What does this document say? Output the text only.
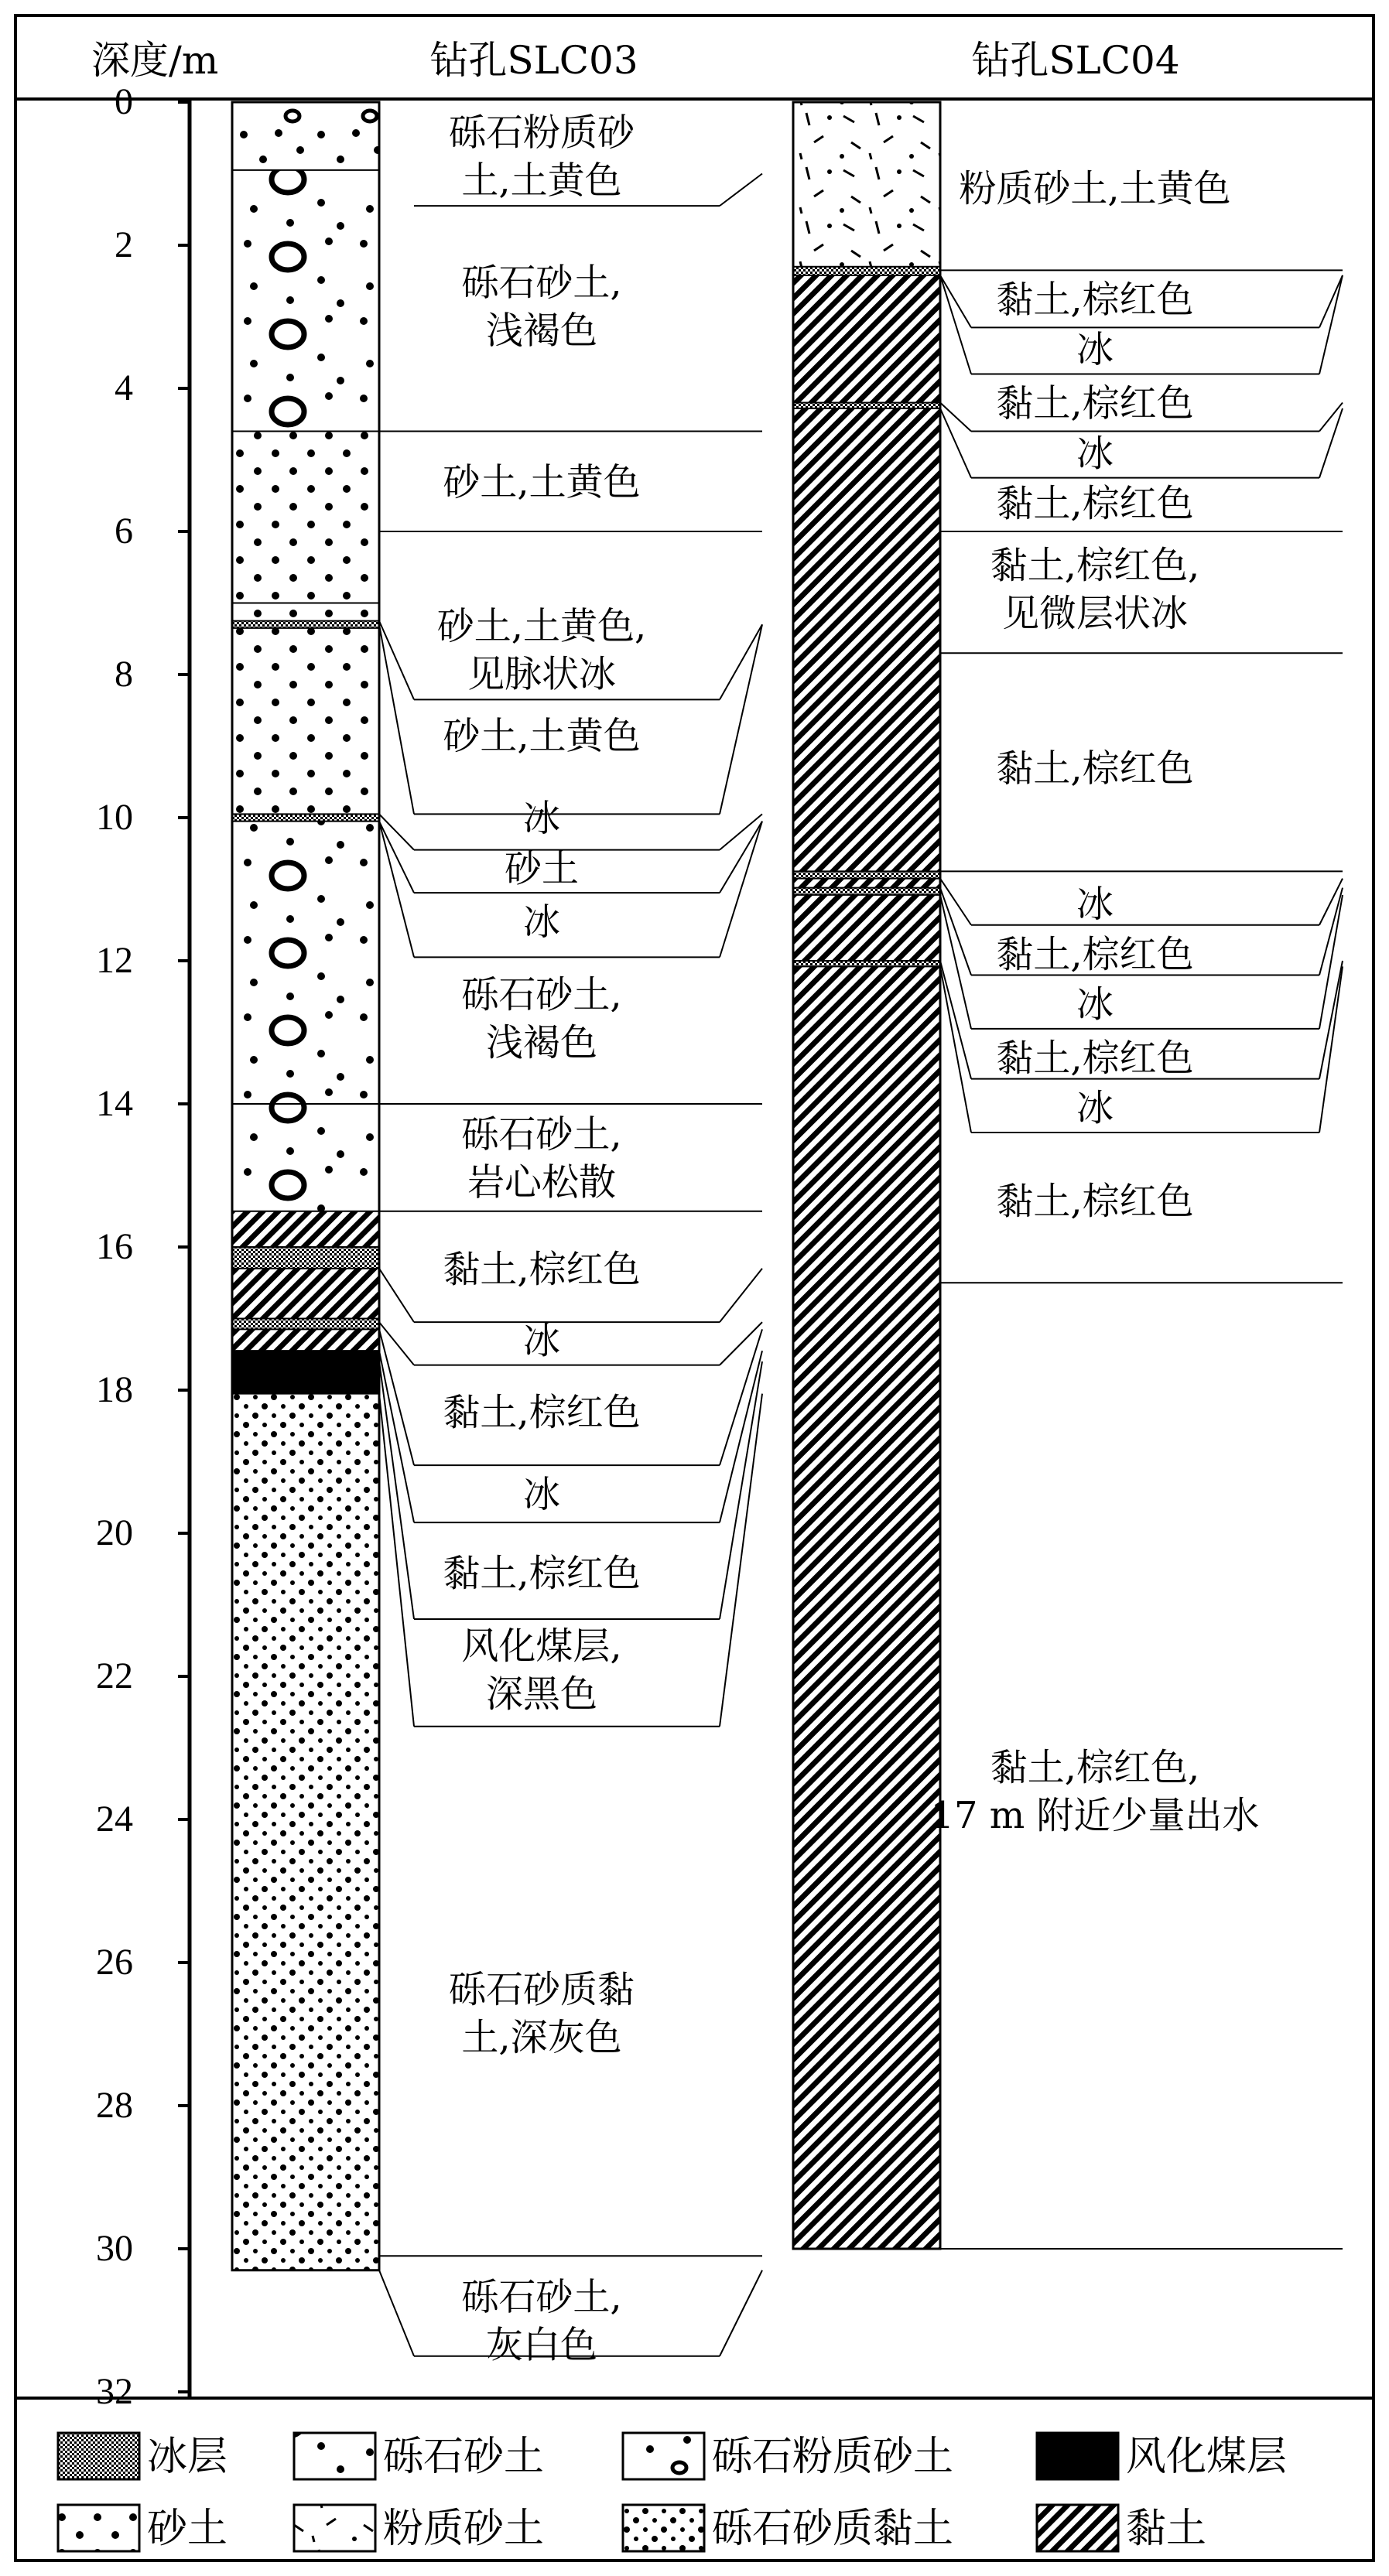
深度/m	钻孔SLC03	钻孔SLC04
0
2
4
6
8
10
12
14
16
18
20
22
24
26
28
30
32
砾石粉质砂
土,土黄色
砾石砂土,
浅褐色
砂土,土黄色
砂土,土黄色,
见脉状冰
砂土,土黄色
冰
砂土
冰
砾石砂土,
浅褐色
砾石砂土,
岩心松散
黏土,棕红色
冰
黏土,棕红色
冰
黏土,棕红色
风化煤层,
深黑色
砾石砂质黏
土,深灰色
砾石砂土,
灰白色
粉质砂土,土黄色
黏土,棕红色
冰
黏土,棕红色
冰
黏土,棕红色
黏土,棕红色,
见微层状冰
黏土,棕红色
冰
黏土,棕红色
冰
黏土,棕红色
冰
黏土,棕红色
黏土,棕红色,
17 m 附近少量出水
冰层	砾石砂土	砾石粉质砂土	风化煤层
砂土	粉质砂土	砾石砂质黏土	黏土
